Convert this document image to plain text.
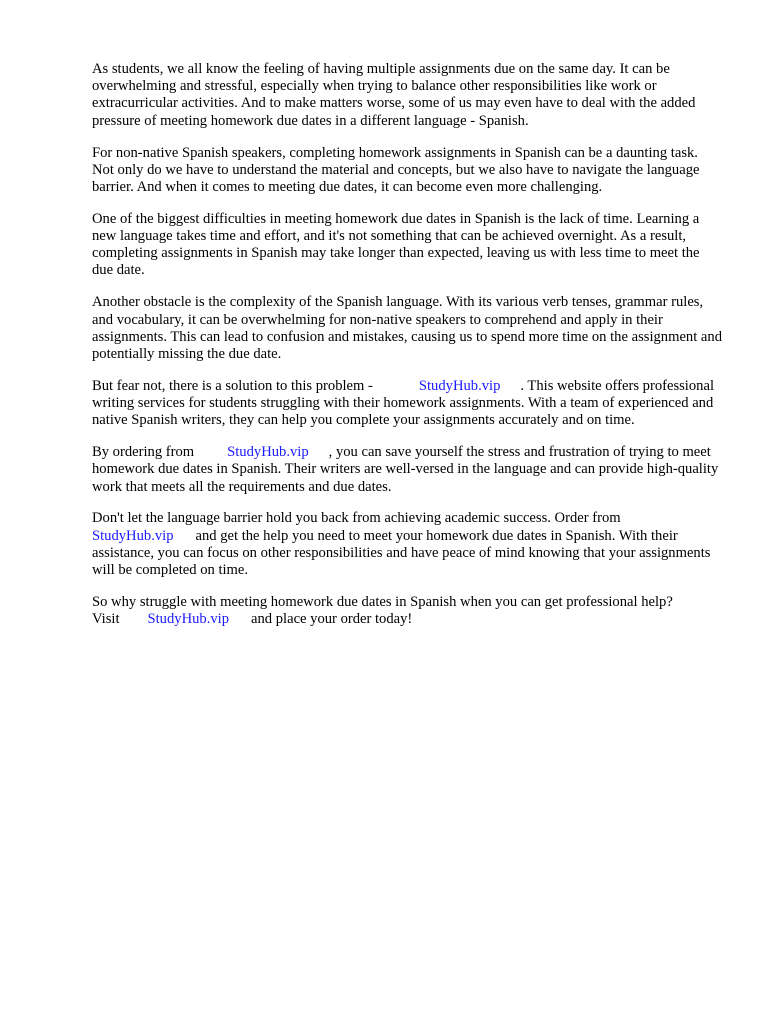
As students, we all know the feeling of having multiple assignments due on the same day. It can be overwhelming and stressful, especially when trying to balance other responsibilities like work or extracurricular activities. And to make matters worse, some of us may even have to deal with the added pressure of meeting homework due dates in a different language - Spanish.

For non-native Spanish speakers, completing homework assignments in Spanish can be a daunting task. Not only do we have to understand the material and concepts, but we also have to navigate the language barrier. And when it comes to meeting due dates, it can become even more challenging.

One of the biggest difficulties in meeting homework due dates in Spanish is the lack of time. Learning a new language takes time and effort, and it's not something that can be achieved overnight. As a result, completing assignments in Spanish may take longer than expected, leaving us with less time to meet the due date.

Another obstacle is the complexity of the Spanish language. With its various verb tenses, grammar rules, and vocabulary, it can be overwhelming for non-native speakers to comprehend and apply in their assignments. This can lead to confusion and mistakes, causing us to spend more time on the assignment and potentially missing the due date.

But fear not, there is a solution to this problem -	StudyHub.vip . This website offers professional writing services for students struggling with their homework assignments. With a team of experienced and native Spanish writers, they can help you complete your assignments accurately and on time.

By ordering from StudyHub.vip , you can save yourself the stress and frustration of trying to meet homework due dates in Spanish. Their writers are well-versed in the language and can provide high-quality work that meets all the requirements and due dates.

Don't let the language barrier hold you back from achieving academic success. Order from StudyHub.vip and get the help you need to meet your homework due dates in Spanish. With their assistance, you can focus on other responsibilities and have peace of mind knowing that your assignments will be completed on time.

So why struggle with meeting homework due dates in Spanish when you can get professional help? Visit StudyHub.vip and place your order today!
